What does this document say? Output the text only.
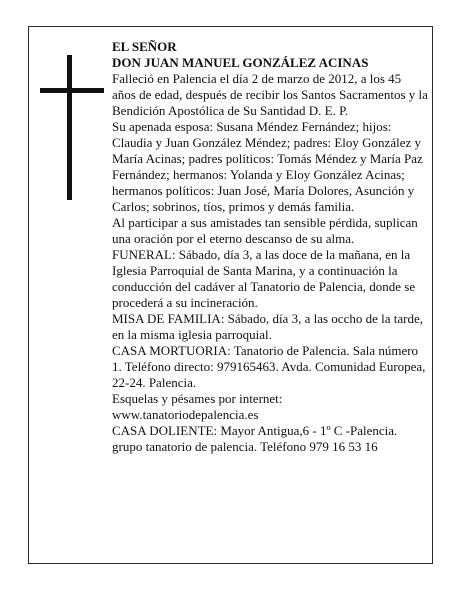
EL SEÑOR

DON JUAN MANUEL GONZÁLEZ ACINAS

Falleció en Palencia el día 2 de marzo de 2012, a los 45 años de edad, después de recibir los Santos Sacramentos y la Bendición Apostólica de Su Santidad D. E. P.

Su apenada esposa: Susana Méndez Fernández; hijos: Claudia y Juan González Méndez; padres: Eloy González y María Acinas; padres políticos: Tomás Méndez y María Paz Fernández; hermanos: Yolanda y Eloy González Acinas; hermanos políticos: Juan José, María Dolores, Asunción y Carlos; sobrinos, tíos, primos y demás familia.

Al participar a sus amistades tan sensible pérdida, suplican una oración por el eterno descanso de su alma.

FUNERAL: Sábado, día 3, a las doce de la mañana, en la Iglesia Parroquial de Santa Marina, y a continuación la conducción del cadáver al Tanatorio de Palencia, donde se procederá a su incineración.

MISA DE FAMILIA: Sábado, día 3, a las occho de la tarde, en la misma iglesia parroquial.

CASA MORTUORIA: Tanatorio de Palencia. Sala número 1. Teléfono directo: 979165463. Avda. Comunidad Europea, 22-24. Palencia.

Esquelas y pésames por internet: www.tanatoriodepalencia.es

CASA DOLIENTE: Mayor Antigua,6 - 1º C -Palencia. grupo tanatorio de palencia. Teléfono 979 16 53 16
